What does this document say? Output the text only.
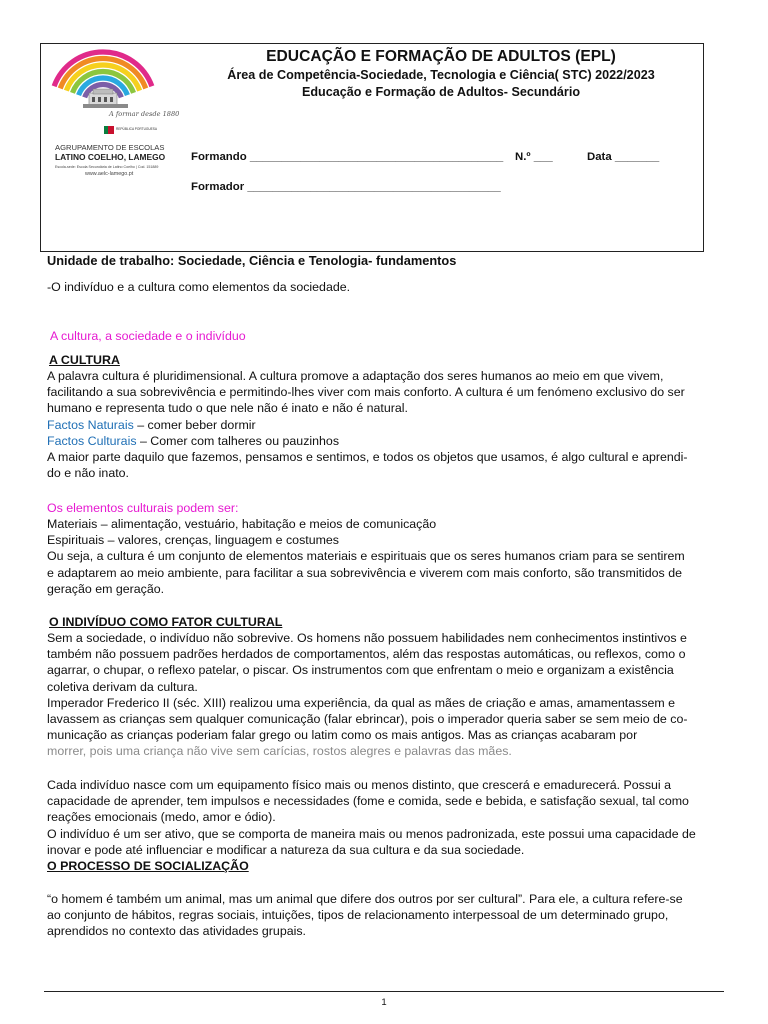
A formar desde 1880
REPÚBLICA PORTUGUESA
AGRUPAMENTO DE ESCOLAS
LATINO COELHO, LAMEGO
Escola-sede: Escola Secundária de Latino Coelho | Cod. 151889
www.aelc-lamego.pt
EDUCAÇÃO E FORMAÇÃO DE ADULTOS (EPL)
Área de Competência-Sociedade, Tecnologia e Ciência( STC) 2022/2023
Educação e Formação de Adultos- Secundário
Formando ________________________________________ N.º ___	Data _______
Formador ________________________________________
Unidade de trabalho: Sociedade, Ciência e Tenologia- fundamentos
-O indivíduo e a cultura como elementos da sociedade.
A cultura, a sociedade e o indivíduo
A CULTURA
A palavra cultura é pluridimensional. A cultura promove a adaptação dos seres humanos ao meio em que vivem,
facilitando a sua sobrevivência e permitindo-lhes viver com mais conforto. A cultura é um fenómeno exclusivo do ser
humano e representa tudo o que nele não é inato e não é natural.
Factos Naturais – comer beber dormir
Factos Culturais – Comer com talheres ou pauzinhos
A maior parte daquilo que fazemos, pensamos e sentimos, e todos os objetos que usamos, é algo cultural e aprendi-
do e não inato.
Os elementos culturais podem ser:
Materiais – alimentação, vestuário, habitação e meios de comunicação
Espirituais – valores, crenças, linguagem e costumes
Ou seja, a cultura é um conjunto de elementos materiais e espirituais que os seres humanos criam para se sentirem
e adaptarem ao meio ambiente, para facilitar a sua sobrevivência e viverem com mais conforto, são transmitidos de
geração em geração.
O INDIVÍDUO COMO FATOR CULTURAL
Sem a sociedade, o indivíduo não sobrevive. Os homens não possuem habilidades nem conhecimentos instintivos e
também não possuem padrões herdados de comportamentos, além das respostas automáticas, ou reflexos, como o
agarrar, o chupar, o reflexo patelar, o piscar. Os instrumentos com que enfrentam o meio e organizam a existência
coletiva derivam da cultura.
Imperador Frederico II (séc. XIII) realizou uma experiência, da qual as mães de criação e amas, amamentassem e
lavassem as crianças sem qualquer comunicação (falar ebrincar), pois o imperador queria saber se sem meio de co-
municação as crianças poderiam falar grego ou latim como os mais antigos. Mas as crianças acabaram por
morrer, pois uma criança não vive sem carícias, rostos alegres e palavras das mães.
Cada indivíduo nasce com um equipamento físico mais ou menos distinto, que crescerá e emadurecerá. Possui a
capacidade de aprender, tem impulsos e necessidades (fome e comida, sede e bebida, e satisfação sexual, tal como
reações emocionais (medo, amor e ódio).
O indivíduo é um ser ativo, que se comporta de maneira mais ou menos padronizada, este possui uma capacidade de
inovar e pode até influenciar e modificar a natureza da sua cultura e da sua sociedade.
O PROCESSO DE SOCIALIZAÇÃO
“o homem é também um animal, mas um animal que difere dos outros por ser cultural”. Para ele, a cultura refere-se
ao conjunto de hábitos, regras sociais, intuições, tipos de relacionamento interpessoal de um determinado grupo,
aprendidos no contexto das atividades grupais.
1
